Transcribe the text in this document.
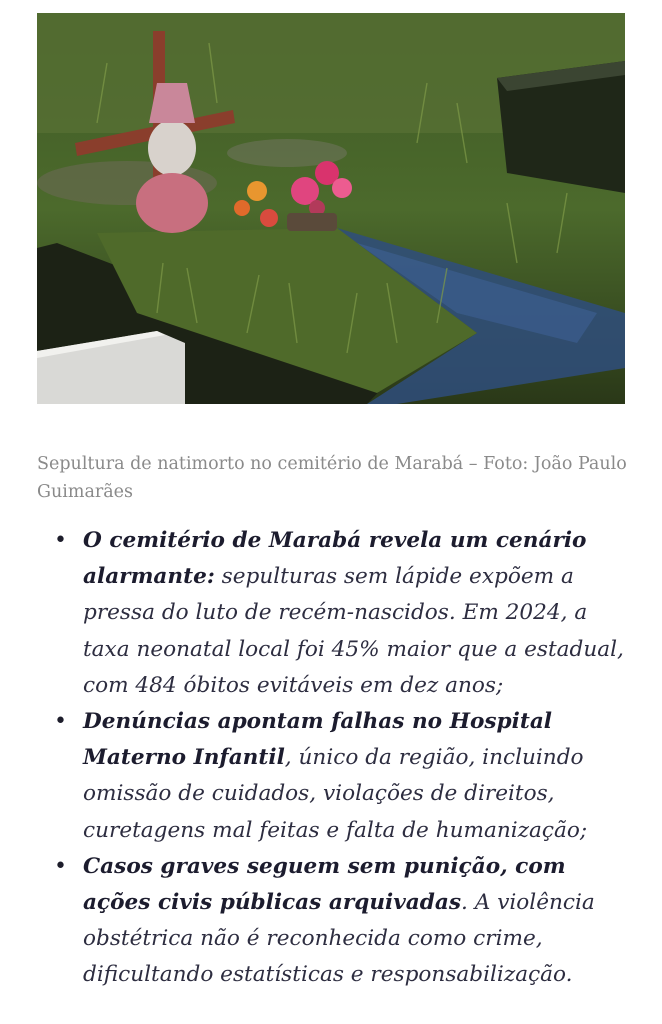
Sepultura de natimorto no cemitério de Marabá – Foto: João Paulo Guimarães

• O cemitério de Marabá revela um cenário alarmante: sepulturas sem lápide expõem a pressa do luto de recém-nascidos. Em 2024, a taxa neonatal local foi 45% maior que a estadual, com 484 óbitos evitáveis em dez anos;
• Denúncias apontam falhas no Hospital Materno Infantil, único da região, incluindo omissão de cuidados, violações de direitos, curetagens mal feitas e falta de humanização;
• Casos graves seguem sem punição, com ações civis públicas arquivadas. A violência obstétrica não é reconhecida como crime, dificultando estatísticas e responsabilização.
